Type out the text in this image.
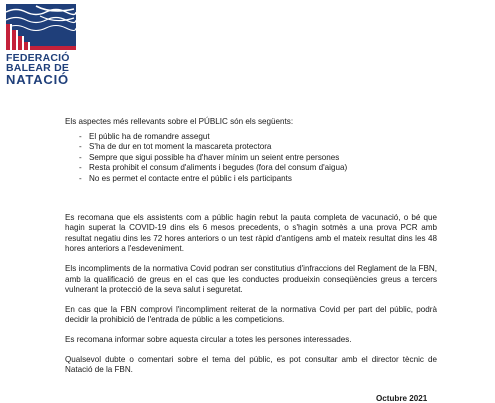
FEDERACIÓ
BALEAR DE
NATACIÓ

Els aspectes més rellevants sobre el PÚBLIC són els següents:

- El públic ha de romandre assegut
- S'ha de dur en tot moment la mascareta protectora
- Sempre que sigui possible ha d'haver mínim un seient entre persones
- Resta prohibit el consum d'aliments i begudes (fora del consum d'aigua)
- No es permet el contacte entre el públic i els participants

Es recomana que els assistents com a públic hagin rebut la pauta completa de vacunació, o bé que hagin superat la COVID-19 dins els 6 mesos precedents, o s'hagin sotmès a una prova PCR amb resultat negatiu dins les 72 hores anteriors o un test ràpid d'antígens amb el mateix resultat dins les 48 hores anteriors a l'esdeveniment.

Els incompliments de la normativa Covid podran ser constitutius d'infraccions del Reglament de la FBN, amb la qualificació de greus en el cas que les conductes produeixin conseqüències greus a tercers vulnerant la protecció de la seva salut i seguretat.

En cas que la FBN comprovi l'incompliment reiterat de la normativa Covid per part del públic, podrà decidir la prohibició de l'entrada de públic a les competicions.

Es recomana informar sobre aquesta circular a totes les persones interessades.

Qualsevol dubte o comentari sobre el tema del públic, es pot consultar amb el director tècnic de Natació de la FBN.

Octubre 2021
